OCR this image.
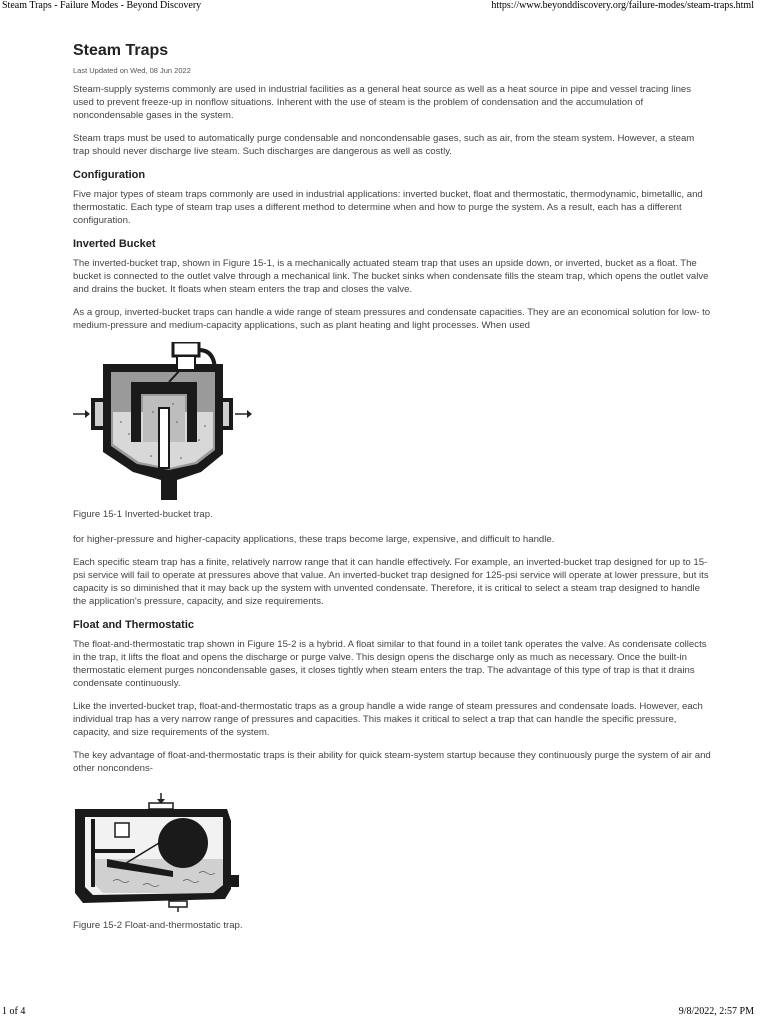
Steam Traps - Failure Modes - Beyond Discovery	https://www.beyonddiscovery.org/failure-modes/steam-traps.html
Steam Traps
Last Updated on Wed, 08 Jun 2022

Steam-supply systems commonly are used in industrial facilities as a general heat source as well as a heat source in pipe and vessel tracing lines used to prevent freeze-up in nonflow situations. Inherent with the use of steam is the problem of condensation and the accumulation of noncondensable gases in the system.

Steam traps must be used to automatically purge condensable and noncondensable gases, such as air, from the steam system. However, a steam trap should never discharge live steam. Such discharges are dangerous as well as costly.

Configuration

Five major types of steam traps commonly are used in industrial applications: inverted bucket, float and thermostatic, thermodynamic, bimetallic, and thermostatic. Each type of steam trap uses a different method to determine when and how to purge the system. As a result, each has a different configuration.

Inverted Bucket

The inverted-bucket trap, shown in Figure 15-1, is a mechanically actuated steam trap that uses an upside down, or inverted, bucket as a float. The bucket is connected to the outlet valve through a mechanical link. The bucket sinks when condensate fills the steam trap, which opens the outlet valve and drains the bucket. It floats when steam enters the trap and closes the valve.

As a group, inverted-bucket traps can handle a wide range of steam pressures and condensate capacities. They are an economical solution for low- to medium-pressure and medium-capacity applications, such as plant heating and light processes. When used

Figure 15-1 Inverted-bucket trap.

for higher-pressure and higher-capacity applications, these traps become large, expensive, and difficult to handle.

Each specific steam trap has a finite, relatively narrow range that it can handle effectively. For example, an inverted-bucket trap designed for up to 15-psi service will fail to operate at pressures above that value. An inverted-bucket trap designed for 125-psi service will operate at lower pressure, but its capacity is so diminished that it may back up the system with unvented condensate. Therefore, it is critical to select a steam trap designed to handle the application's pressure, capacity, and size requirements.

Float and Thermostatic

The float-and-thermostatic trap shown in Figure 15-2 is a hybrid. A float similar to that found in a toilet tank operates the valve. As condensate collects in the trap, it lifts the float and opens the discharge or purge valve. This design opens the discharge only as much as necessary. Once the built-in thermostatic element purges noncondensable gases, it closes tightly when steam enters the trap. The advantage of this type of trap is that it drains condensate continuously.

Like the inverted-bucket trap, float-and-thermostatic traps as a group handle a wide range of steam pressures and condensate loads. However, each individual trap has a very narrow range of pressures and capacities. This makes it critical to select a trap that can handle the specific pressure, capacity, and size requirements of the system.

The key advantage of float-and-thermostatic traps is their ability for quick steam-system startup because they continuously purge the system of air and other noncondens-

Figure 15-2 Float-and-thermostatic trap.
1 of 4	9/8/2022, 2:57 PM
